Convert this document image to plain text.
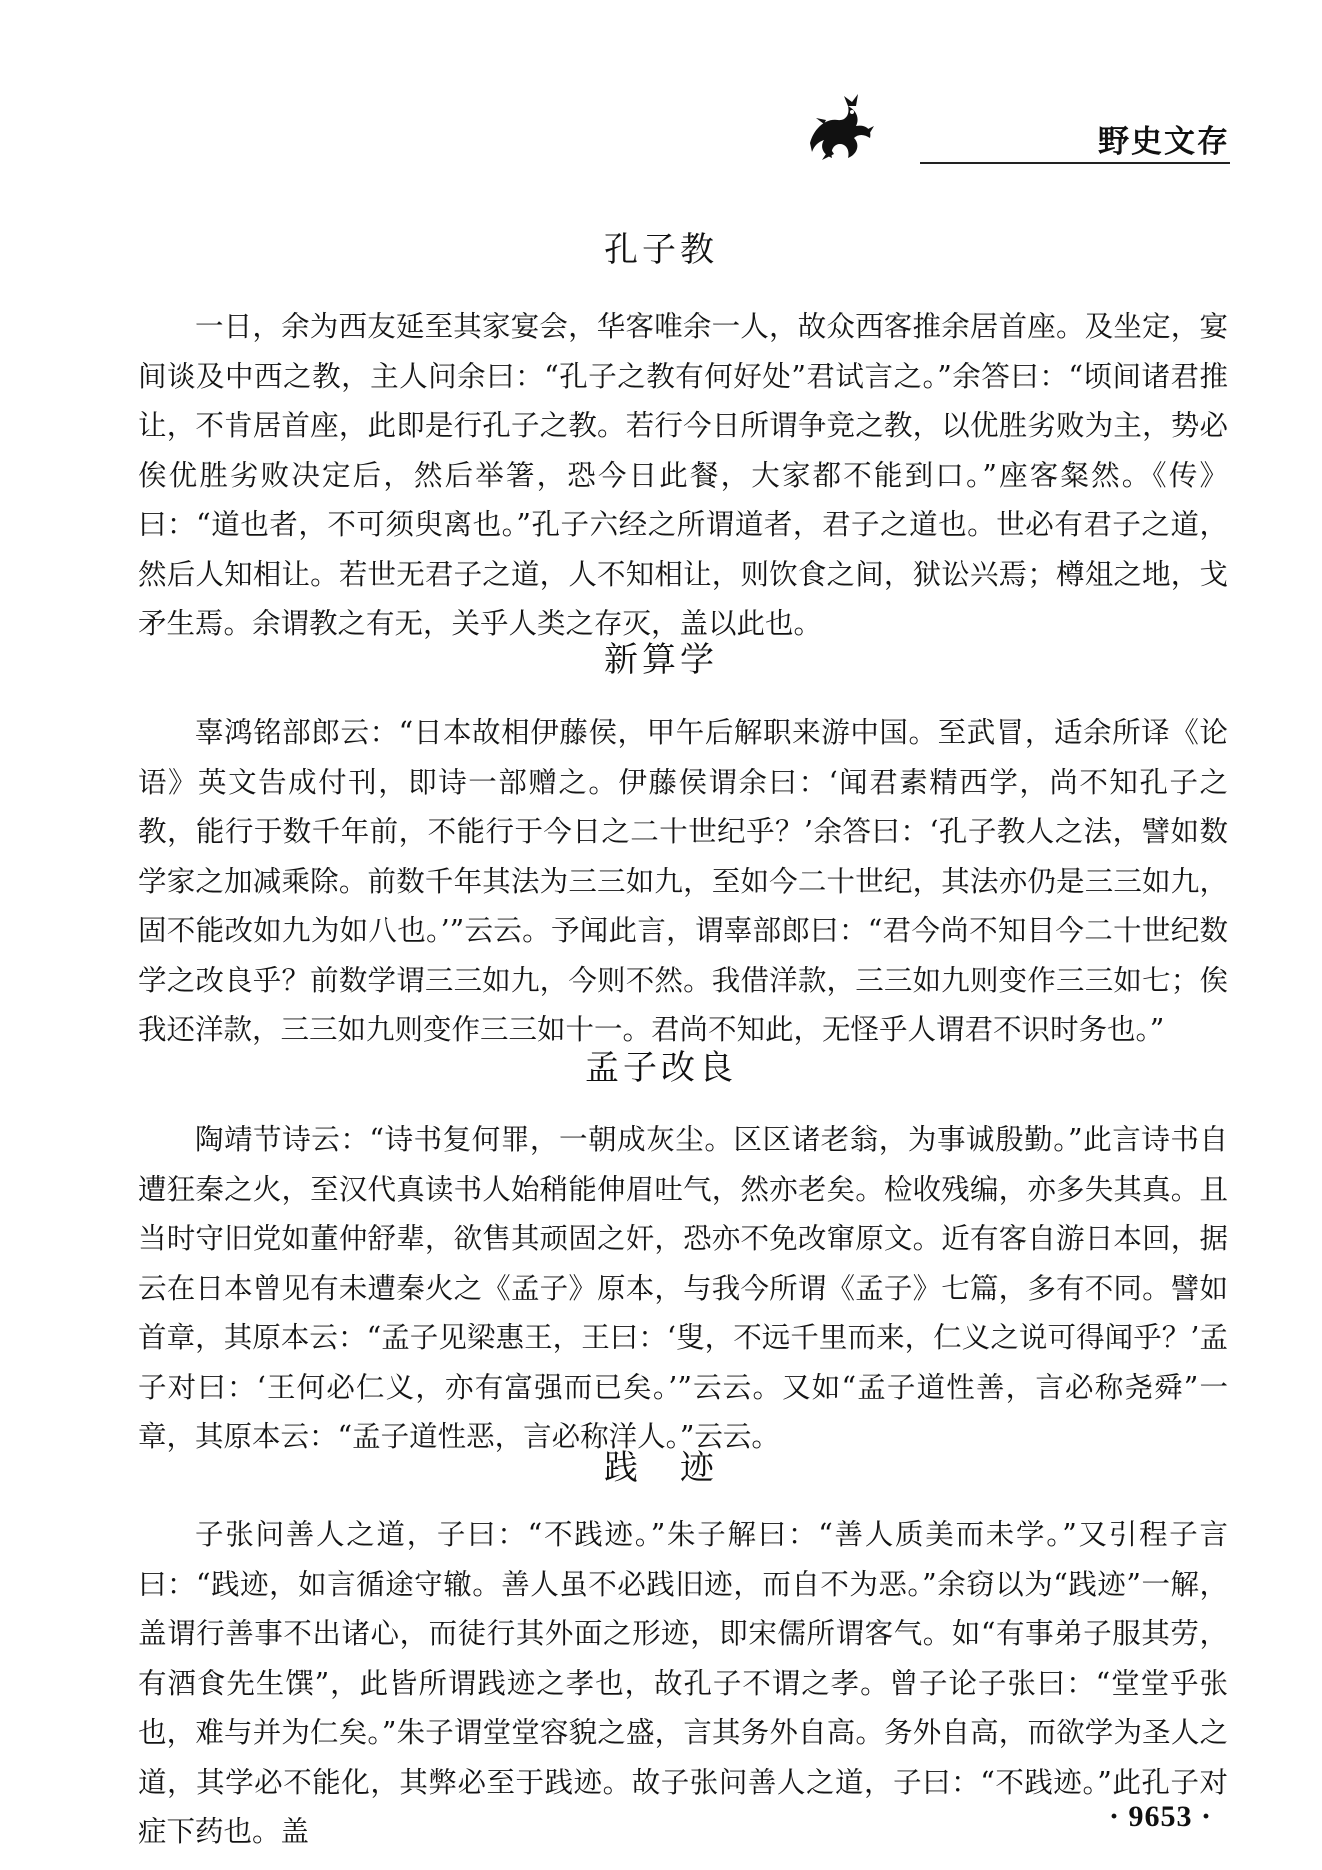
野史文存
孔子教

一日，余为西友延至其家宴会，华客唯余一人，故众西客推余居首座。及坐定，宴间谈及中西之教，主人问余曰：“孔子之教有何好处”君试言之。”余答曰：“顷间诸君推让，不肯居首座，此即是行孔子之教。若行今日所谓争竞之教，以优胜劣败为主，势必俟优胜劣败决定后，然后举箸，恐今日此餐，大家都不能到口。”座客粲然。《传》曰：“道也者，不可须臾离也。”孔子六经之所谓道者，君子之道也。世必有君子之道，然后人知相让。若世无君子之道，人不知相让，则饮食之间，狱讼兴焉；樽俎之地，戈矛生焉。余谓教之有无，关乎人类之存灭，盖以此也。

新算学

辜鸿铭部郎云：“日本故相伊藤侯，甲午后解职来游中国。至武冒，适余所译《论语》英文告成付刊，即诗一部赠之。伊藤侯谓余曰：‘闻君素精西学，尚不知孔子之教，能行于数千年前，不能行于今日之二十世纪乎？’余答曰：‘孔子教人之法，譬如数学家之加减乘除。前数千年其法为三三如九，至如今二十世纪，其法亦仍是三三如九，固不能改如九为如八也。’”云云。予闻此言，谓辜部郎曰：“君今尚不知目今二十世纪数学之改良乎？前数学谓三三如九，今则不然。我借洋款，三三如九则变作三三如七；俟我还洋款，三三如九则变作三三如十一。君尚不知此，无怪乎人谓君不识时务也。”

孟子改良

陶靖节诗云：“诗书复何罪，一朝成灰尘。区区诸老翁，为事诚殷勤。”此言诗书自遭狂秦之火，至汉代真读书人始稍能伸眉吐气，然亦老矣。检收残编，亦多失其真。且当时守旧党如董仲舒辈，欲售其顽固之奸，恐亦不免改窜原文。近有客自游日本回，据云在日本曾见有未遭秦火之《孟子》原本，与我今所谓《孟子》七篇，多有不同。譬如首章，其原本云：“孟子见梁惠王，王曰：‘叟，不远千里而来，仁义之说可得闻乎？’孟子对曰：‘王何必仁义，亦有富强而已矣。’”云云。又如“孟子道性善，言必称尧舜”一章，其原本云：“孟子道性恶，言必称洋人。”云云。

践　迹

子张问善人之道，子曰：“不践迹。”朱子解曰：“善人质美而未学。”又引程子言曰：“践迹，如言循途守辙。善人虽不必践旧迹，而自不为恶。”余窃以为“践迹”一解，盖谓行善事不出诸心，而徒行其外面之形迹，即宋儒所谓客气。如“有事弟子服其劳，有酒食先生馔”，此皆所谓践迹之孝也，故孔子不谓之孝。曾子论子张曰：“堂堂乎张也，难与并为仁矣。”朱子谓堂堂容貌之盛，言其务外自高。务外自高，而欲学为圣人之道，其学必不能化，其弊必至于践迹。故子张问善人之道，子曰：“不践迹。”此孔子对症下药也。盖	· 9653 ·
